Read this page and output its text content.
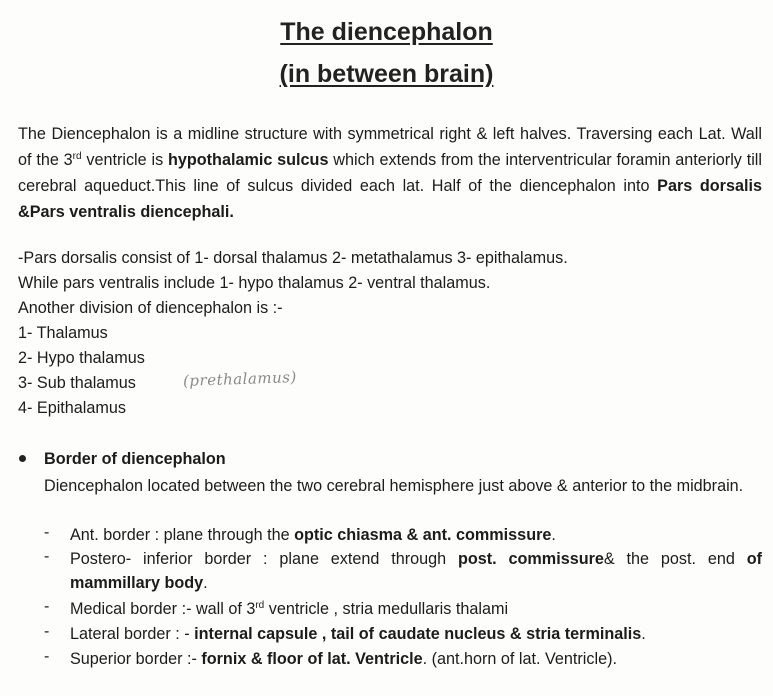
The diencephalon
(in between brain)

The Diencephalon is a midline structure with symmetrical right & left halves. Traversing each Lat. Wall of the 3rd ventricle is hypothalamic sulcus which extends from the interventricular foramin anteriorly till cerebral aqueduct.This line of sulcus divided each lat. Half of the diencephalon into Pars dorsalis &Pars ventralis diencephali.

-Pars dorsalis consist of 1- dorsal thalamus 2- metathalamus 3- epithalamus.

While pars ventralis include 1- hypo thalamus 2- ventral thalamus.

Another division of diencephalon is :-

1- Thalamus

2- Hypo thalamus

3- Sub thalamus

4- Epithalamus

(prethalamus)

Border of diencephalon

Diencephalon located between the two cerebral hemisphere just above & anterior to the midbrain.

- Ant. border : plane through the optic chiasma & ant. commissure.

- Postero- inferior border : plane extend through post. commissure& the post. end of mammillary body.

- Medical border :- wall of 3rd ventricle , stria medullaris thalami

- Lateral border : - internal capsule , tail of caudate nucleus & stria terminalis.

- Superior border :- fornix & floor of lat. Ventricle. (ant.horn of lat. Ventricle).
